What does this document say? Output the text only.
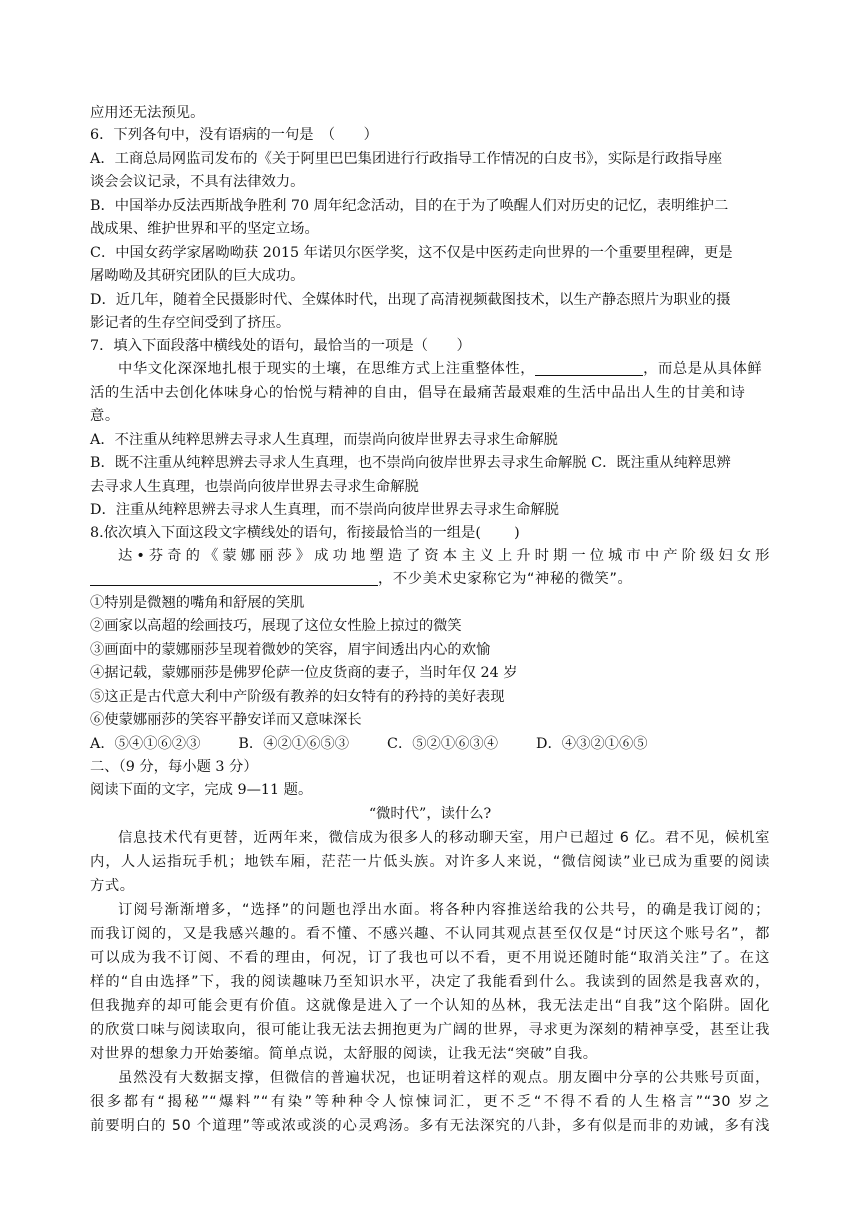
应用还无法预见。
6．下列各句中，没有语病的一句是　（　　）
A．工商总局网监司发布的《关于阿里巴巴集团进行行政指导工作情况的白皮书》，实际是行政指导座
谈会会议记录，不具有法律效力。
B．中国举办反法西斯战争胜利 70 周年纪念活动，目的在于为了唤醒人们对历史的记忆，表明维护二
战成果、维护世界和平的坚定立场。
C．中国女药学家屠呦呦获 2015 年诺贝尔医学奖，这不仅是中医药走向世界的一个重要里程碑，更是
屠呦呦及其研究团队的巨大成功。
D．近几年，随着全民摄影时代、全媒体时代，出现了高清视频截图技术，以生产静态照片为职业的摄
影记者的生存空间受到了挤压。
7．填入下面段落中横线处的语句，最恰当的一项是（　　）
中华文化深深地扎根于现实的土壤，在思维方式上注重整体性，	，而总是从具体鲜
活的生活中去创化体味身心的怡悦与精神的自由，倡导在最痛苦最艰难的生活中品出人生的甘美和诗
意。
A．不注重从纯粹思辨去寻求人生真理，而崇尚向彼岸世界去寻求生命解脱
B．既不注重从纯粹思辨去寻求人生真理，也不崇尚向彼岸世界去寻求生命解脱 C．既注重从纯粹思辨
去寻求人生真理，也崇尚向彼岸世界去寻求生命解脱
D．注重从纯粹思辨去寻求人生真理，而不崇尚向彼岸世界去寻求生命解脱
8.依次填入下面这段文字横线处的语句，衔接最恰当的一组是(　　 )
达•芬奇的《蒙娜丽莎》成功地塑造了资本主义上升时期一位城市中产阶级妇女形
，不少美术史家称它为“神秘的微笑”。
①特别是微翘的嘴角和舒展的笑肌
②画家以高超的绘画技巧，展现了这位女性脸上掠过的微笑
③画面中的蒙娜丽莎呈现着微妙的笑容，眉宇间透出内心的欢愉
④据记载，蒙娜丽莎是佛罗伦萨一位皮货商的妻子，当时年仅 24 岁
⑤这正是古代意大利中产阶级有教养的妇女特有的矜持的美好表现
⑥使蒙娜丽莎的笑容平静安详而又意味深长
A．⑤④①⑥②③	B．④②①⑥⑤③	C．⑤②①⑥③④	D．④③②①⑥⑤
二、（9 分，每小题 3 分）
阅读下面的文字，完成 9—11 题。
“微时代”，读什么?
信息技术代有更替，近两年来，微信成为很多人的移动聊天室，用户已超过 6 亿。君不见，候机室
内，人人运指玩手机；地铁车厢，茫茫一片低头族。对许多人来说，“微信阅读”业已成为重要的阅读
方式。
订阅号渐渐增多，“选择”的问题也浮出水面。将各种内容推送给我的公共号，的确是我订阅的；
而我订阅的，又是我感兴趣的。看不懂、不感兴趣、不认同其观点甚至仅仅是“讨厌这个账号名”，都
可以成为我不订阅、不看的理由，何况，订了我也可以不看，更不用说还随时能“取消关注”了。在这
样的“自由选择”下，我的阅读趣味乃至知识水平，决定了我能看到什么。我读到的固然是我喜欢的，
但我抛弃的却可能会更有价值。这就像是进入了一个认知的丛林，我无法走出“自我”这个陷阱。固化
的欣赏口味与阅读取向，很可能让我无法去拥抱更为广阔的世界，寻求更为深刻的精神享受，甚至让我
对世界的想象力开始萎缩。简单点说，太舒服的阅读，让我无法“突破”自我。
虽然没有大数据支撑，但微信的普遍状况，也证明着这样的观点。朋友圈中分享的公共账号页面，
很多都有“揭秘”“爆料”“有染”等种种令人惊悚词汇，更不乏“不得不看的人生格言”“30 岁之
前要明白的 50 个道理”等或浓或淡的心灵鸡汤。多有无法深究的八卦，多有似是而非的劝诫，多有浅
